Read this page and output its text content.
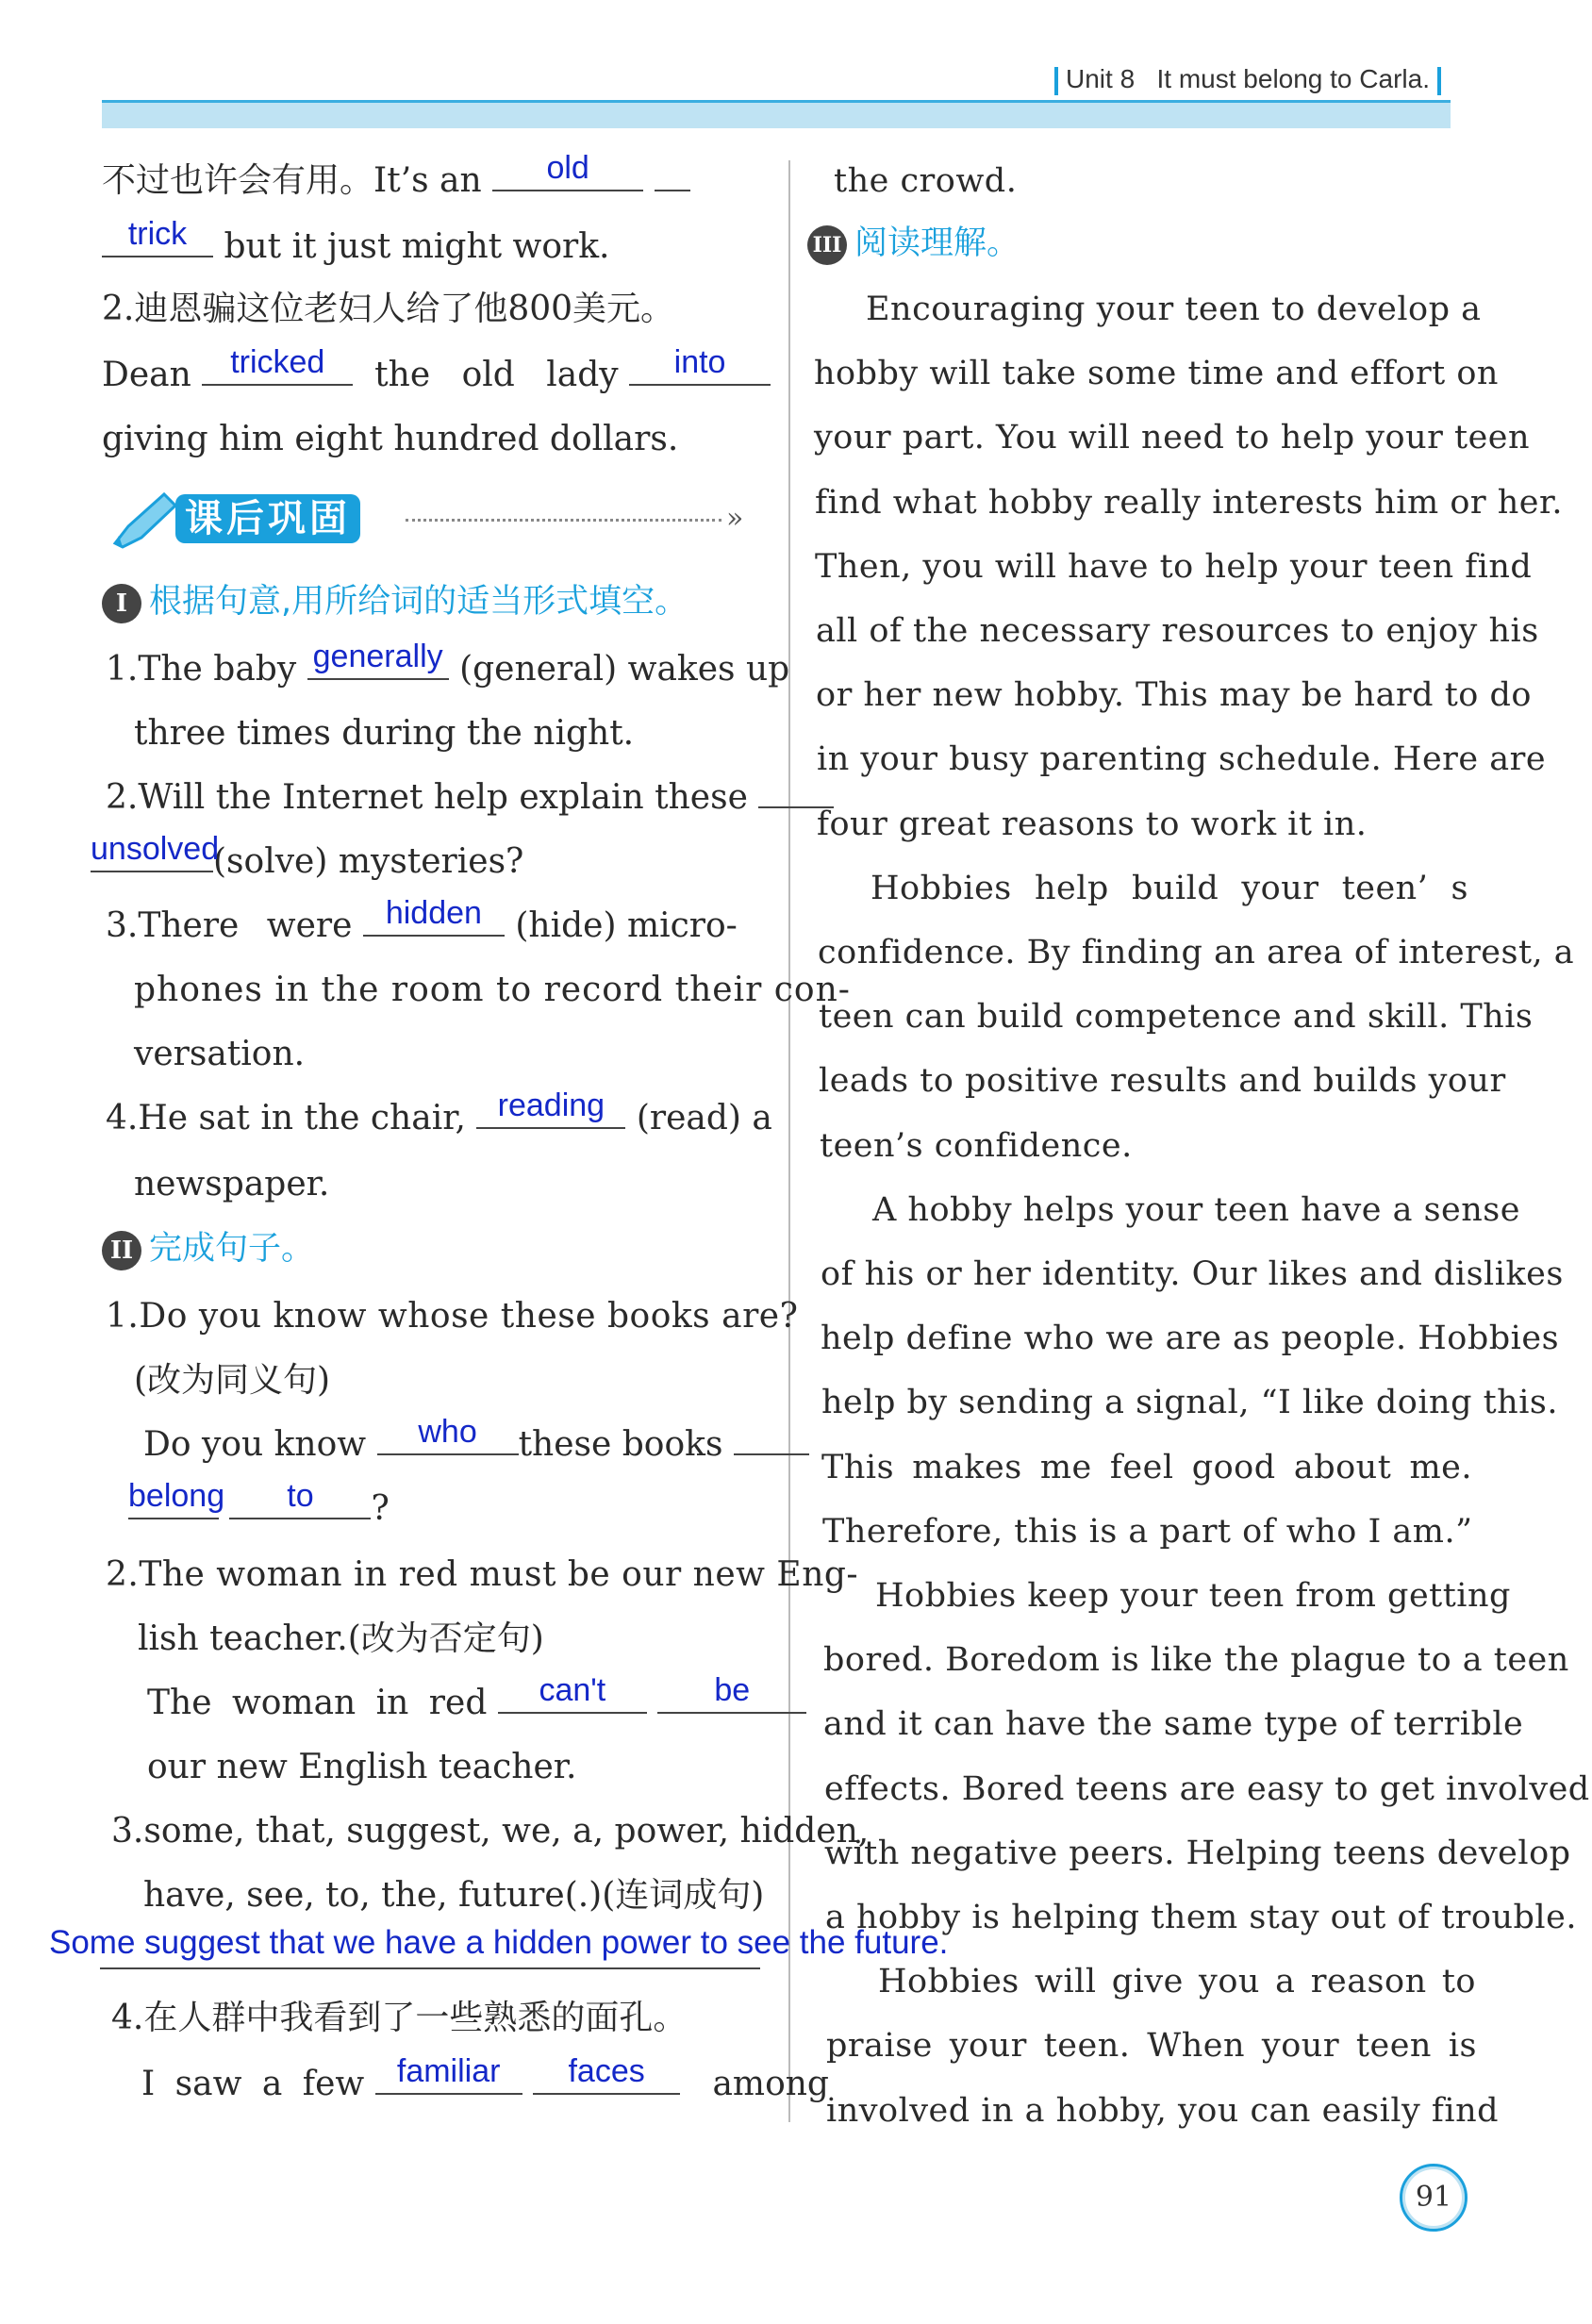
Unit 8 It must belong to Carla.
不过也许会有用。It’s an	old

trick	but it just might work.
2.迪恩骗这位老妇人给了他800美元。
Dean	tricked	the old lady	into
giving him eight hundred dollars.
课后巩固	»
I 根据句意,用所给词的适当形式填空。
1.The baby generally (general) wakes up
three times during the night.
2.Will the Internet help explain these
unsolved
(solve) mysteries?
3.There were	hidden (hide) micro-
phones in the room to record their con-
versation.
4.He sat in the chair, reading (read) a
newspaper.
II 完成句子。
1.Do you know whose these books are?
(改为同义句)
Do you know	who	these books
belong
	to	?
2.The woman in red must be our new Eng-
lish teacher.(改为否定句)
The woman in red	can't
	be
our new English teacher.
3.some, that, suggest, we, a, power, hidden,
have, see, to, the, future(.)(连词成句)
Some suggest that we have a hidden power to see the future.
4.在人群中我看到了一些熟悉的面孔。
I saw a few	familiar
	faces	among
the crowd.
III 阅读理解。
Encouraging your teen to develop a
hobby will take some time and effort on
your part. You will need to help your teen
find what hobby really interests him or her.
Then, you will have to help your teen find
all of the necessary resources to enjoy his
or her new hobby. This may be hard to do
in your busy parenting schedule. Here are
four great reasons to work it in.
Hobbies help build your teen’ s
confidence. By finding an area of interest, a
teen can build competence and skill. This
leads to positive results and builds your
teen’s confidence.
A hobby helps your teen have a sense
of his or her identity. Our likes and dislikes
help define who we are as people. Hobbies
help by sending a signal, “I like doing this.
This makes me feel good about me.
Therefore, this is a part of who I am.”
Hobbies keep your teen from getting
bored. Boredom is like the plague to a teen
and it can have the same type of terrible
effects. Bored teens are easy to get involved
with negative peers. Helping teens develop
a hobby is helping them stay out of trouble.
Hobbies will give you a reason to
praise your teen. When your teen is
involved in a hobby, you can easily find
91
